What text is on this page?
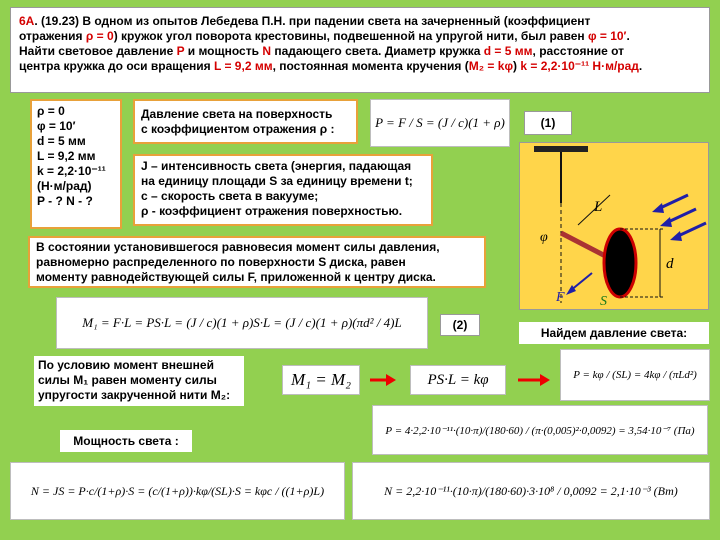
6А. (19.23) В одном из опытов Лебедева П.Н. при падении света на зачерненный (коэффициент
отражения ρ = 0) кружок угол поворота крестовины, подвешенной на упругой нити, был равен φ = 10′.
Найти световое давление P и мощность N падающего света. Диаметр кружка d = 5 мм, расстояние от
центра кружка до оси вращения L = 9,2 мм, постоянная момента кручения (M₂ = kφ) k = 2,2·10⁻¹¹ Н·м/рад.
ρ = 0
φ = 10′
d = 5 мм
L = 9,2 мм
k = 2,2·10⁻¹¹
(Н·м/рад)
P - ? N - ?
Давление света на поверхность
с коэффициентом отражения ρ :	P = F / S = (J / c)(1 + ρ)	(1)
J – интенсивность света (энергия, падающая
на единицу площади S за единицу времени t;
c – скорость света в вакууме;
ρ - коэффициент отражения поверхностью.	L
d
φ
F	S
В состоянии установившегося равновесия момент силы давления,
равномерно распределенного по поверхности S диска, равен
моменту равнодействующей силы F, приложенной к центру диска.
M₁ = F·L = PS·L = (J / c)(1 + ρ)S·L = (J / c)(1 + ρ)(πd² / 4)L	(2)
Найдем давление света:
По условию момент внешней
силы M₁ равен моменту силы
упругости закрученной нити M₂:
M₁ = M₂	PS·L = kφ	P = kφ / (SL) = 4kφ / (πLd²)
P = 4·2,2·10⁻¹¹·(10·π)/(180·60) / (π·(0,005)²·0,0092) = 3,54·10⁻⁷ (Па)
Мощность света :
N = JS = P·c/(1+ρ)·S = (c/(1+ρ))·kφ/(SL)·S = kφc / ((1+ρ)L)	N = 2,2·10⁻¹¹·(10·π)/(180·60)·3·10⁸ / 0,0092 = 2,1·10⁻³ (Вт)
